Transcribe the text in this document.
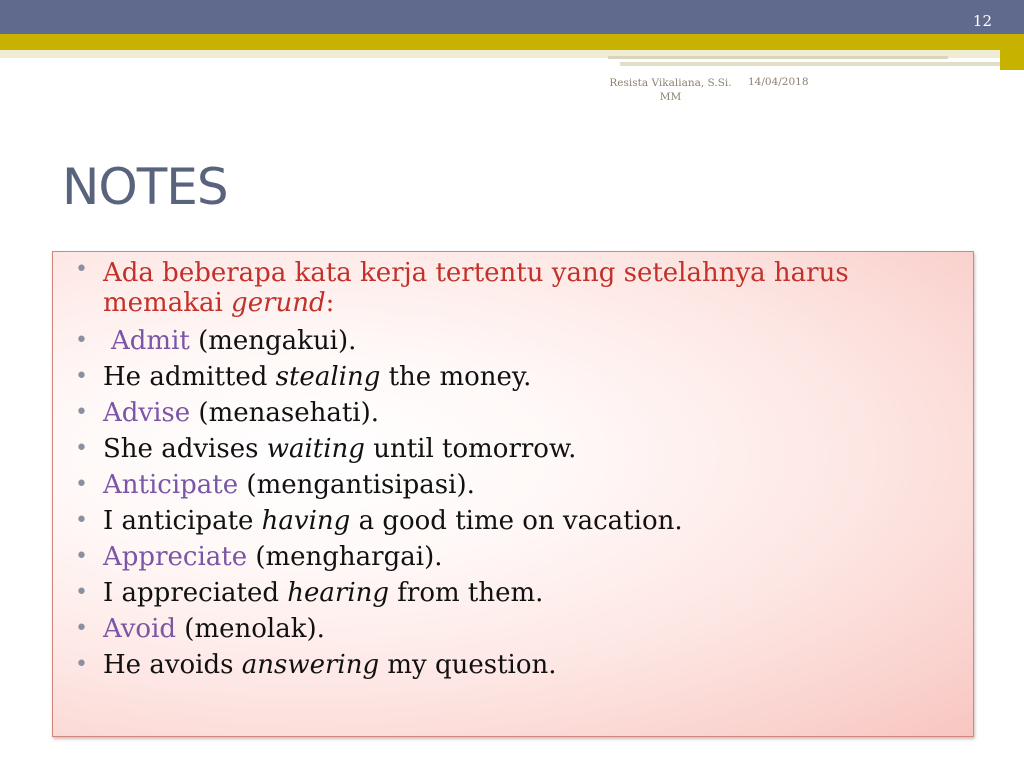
12
Resista Vikaliana, S.Si. MM
14/04/2018
NOTES
• Ada beberapa kata kerja tertentu yang setelahnya harus memakai gerund:
• Admit (mengakui).
• He admitted stealing the money.
• Advise (menasehati).
• She advises waiting until tomorrow.
• Anticipate (mengantisipasi).
• I anticipate having a good time on vacation.
• Appreciate (menghargai).
• I appreciated hearing from them.
• Avoid (menolak).
• He avoids answering my question.
